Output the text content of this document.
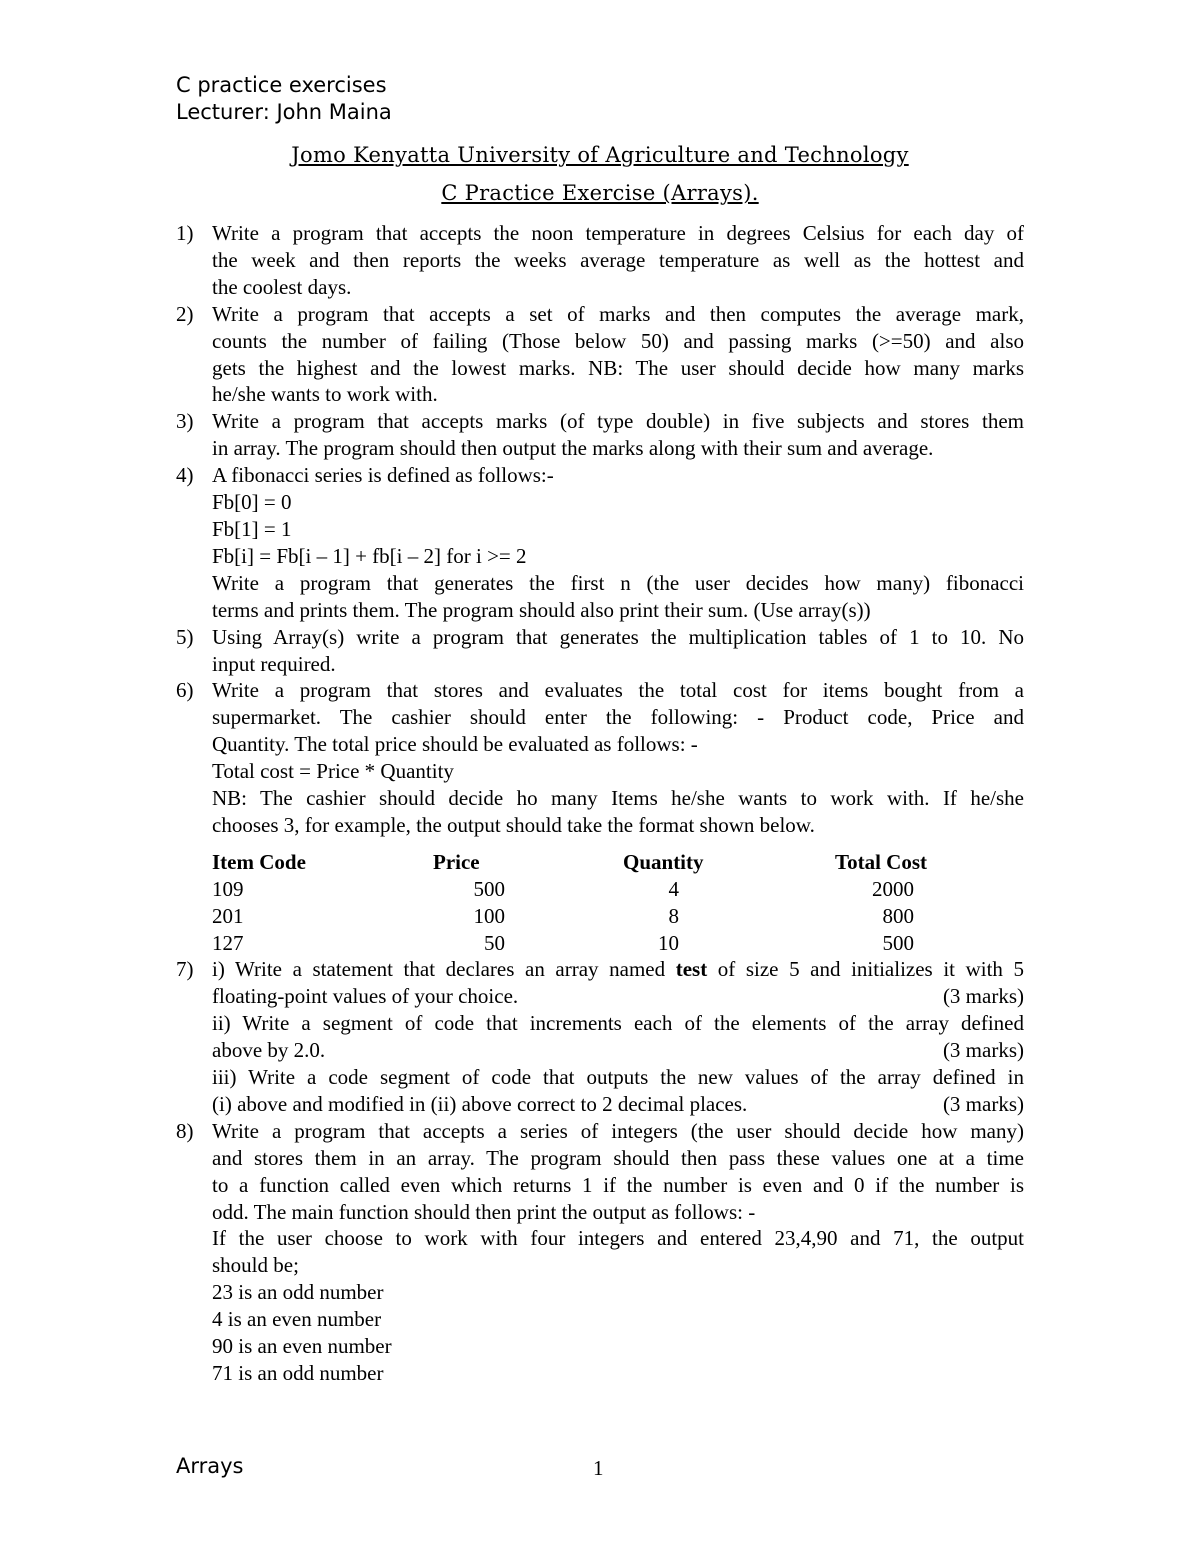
C practice exercises
Lecturer: John Maina
Jomo Kenyatta University of Agriculture and Technology
C Practice Exercise (Arrays).
1) Write a program that accepts the noon temperature in degrees Celsius for each day of
the week and then reports the weeks average temperature as well as the hottest and
the coolest days.
2) Write a program that accepts a set of marks and then computes the average mark,
counts the number of failing (Those below 50) and passing marks (>=50) and also
gets the highest and the lowest marks. NB: The user should decide how many marks
he/she wants to work with.
3) Write a program that accepts marks (of type double) in five subjects and stores them
in array. The program should then output the marks along with their sum and average.
4) A fibonacci series is defined as follows:-
Fb[0] = 0
Fb[1] = 1
Fb[i] = Fb[i – 1] + fb[i – 2] for i >= 2
Write a program that generates the first n (the user decides how many) fibonacci
terms and prints them. The program should also print their sum. (Use array(s))
5) Using Array(s) write a program that generates the multiplication tables of 1 to 10. No
input required.
6) Write a program that stores and evaluates the total cost for items bought from a
supermarket. The cashier should enter the following: - Product code, Price and
Quantity. The total price should be evaluated as follows: -
Total cost = Price * Quantity
NB: The cashier should decide ho many Items he/she wants to work with. If he/she
chooses 3, for example, the output should take the format shown below.
Item Code	Price	Quantity	Total Cost
109	500	4	2000
201	100	8	800
127	50	10	500
7) i) Write a statement that declares an array named test of size 5 and initializes it with 5
floating-point values of your choice.	(3 marks)
ii) Write a segment of code that increments each of the elements of the array defined
above by 2.0.	(3 marks)
iii) Write a code segment of code that outputs the new values of the array defined in
(i) above and modified in (ii) above correct to 2 decimal places.	(3 marks)
8) Write a program that accepts a series of integers (the user should decide how many)
and stores them in an array. The program should then pass these values one at a time
to a function called even which returns 1 if the number is even and 0 if the number is
odd. The main function should then print the output as follows: -
If the user choose to work with four integers and entered 23,4,90 and 71, the output
should be;
23 is an odd number
4 is an even number
90 is an even number
71 is an odd number
Arrays	1
